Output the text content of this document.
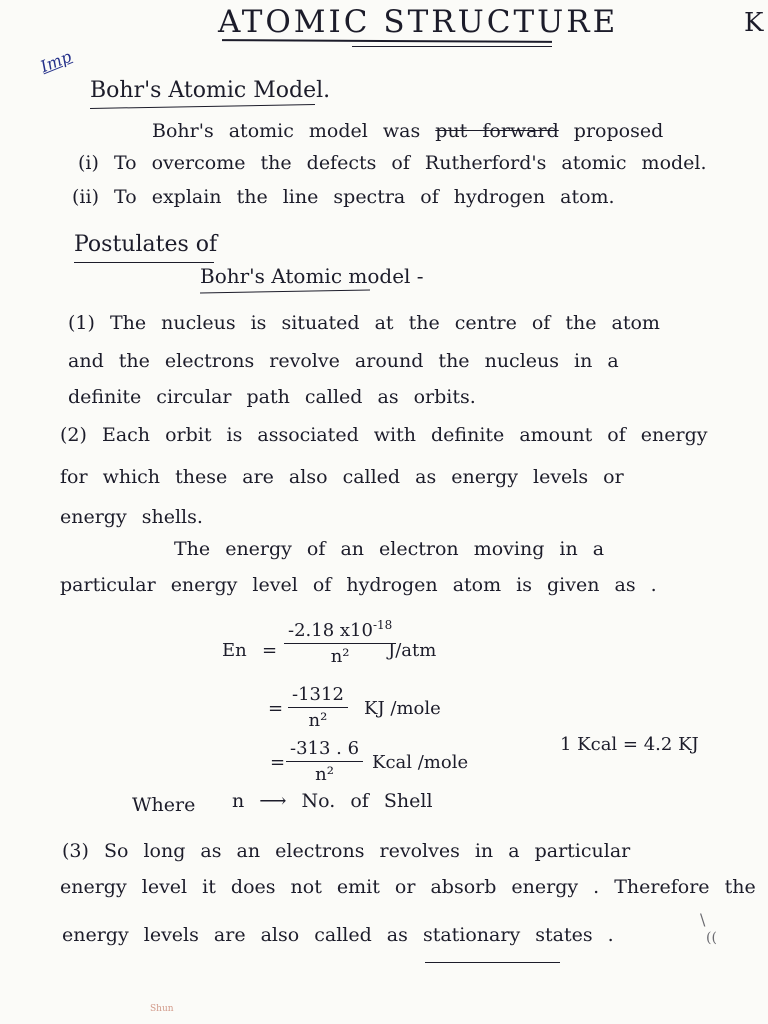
ATOMIC STRUCTURE	K
Imp
Bohr's Atomic Model.
Bohr's atomic model was put forward proposed
(i) To overcome the defects of Rutherford's atomic model.
(ii) To explain the line spectra of hydrogen atom.
Postulates of
Bohr's Atomic model -
(1) The nucleus is situated at the centre of the atom
and the electrons revolve around the nucleus in a
definite circular path called as orbits.
(2) Each orbit is associated with definite amount of energy
for which these are also called as energy levels or
energy shells.
The energy of an electron moving in a
particular energy level of hydrogen atom is given as .
$En = \frac{-2.18 x10^{-18}}{\text{n²}}$
J/atm
= $\frac{-1312}{\text{n²}}$ KJ /mole
= $\frac{-313 . 6}{\text{n²}}$ Kcal /mole
1 Kcal = 4.2 KJ
Where n ⟶ No. of Shell
(3) So long as an electrons revolves in a particular
energy level it does not emit or absorb energy . Therefore the
energy levels are also called as stationary states .
\
((
Shun
